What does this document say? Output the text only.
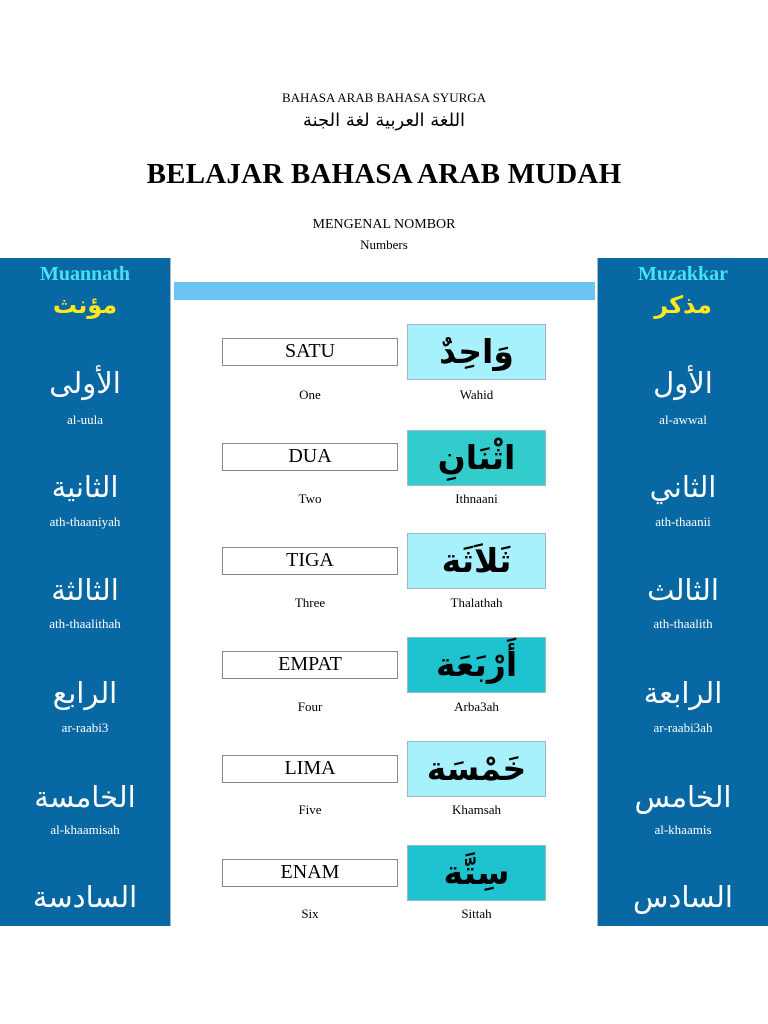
BAHASA ARAB BAHASA SYURGA
اللغة العربية لغة الجنة
BELAJAR BAHASA ARAB MUDAH
MENGENAL NOMBOR
Numbers
Muannath
مؤنث
الأولى
al-uula
الثانية
ath-thaaniyah
الثالثة
ath-thaalithah
الرابع
ar-raabi3
الخامسة
al-khaamisah
السادسة
Muzakkar
مذكر
الأول
al-awwal
الثاني
ath-thaanii
الثالث
ath-thaalith
الرابعة
ar-raabi3ah
الخامس
al-khaamis
السادس
SATU	وَاحِدٌ
One	Wahid
DUA	اثْنَانِ
Two	Ithnaani
TIGA	ثَلاَثَة
Three	Thalathah
EMPAT	أَرْبَعَة
Four	Arba3ah
LIMA	خَمْسَة
Five	Khamsah
ENAM	سِتَّة
Six	Sittah
